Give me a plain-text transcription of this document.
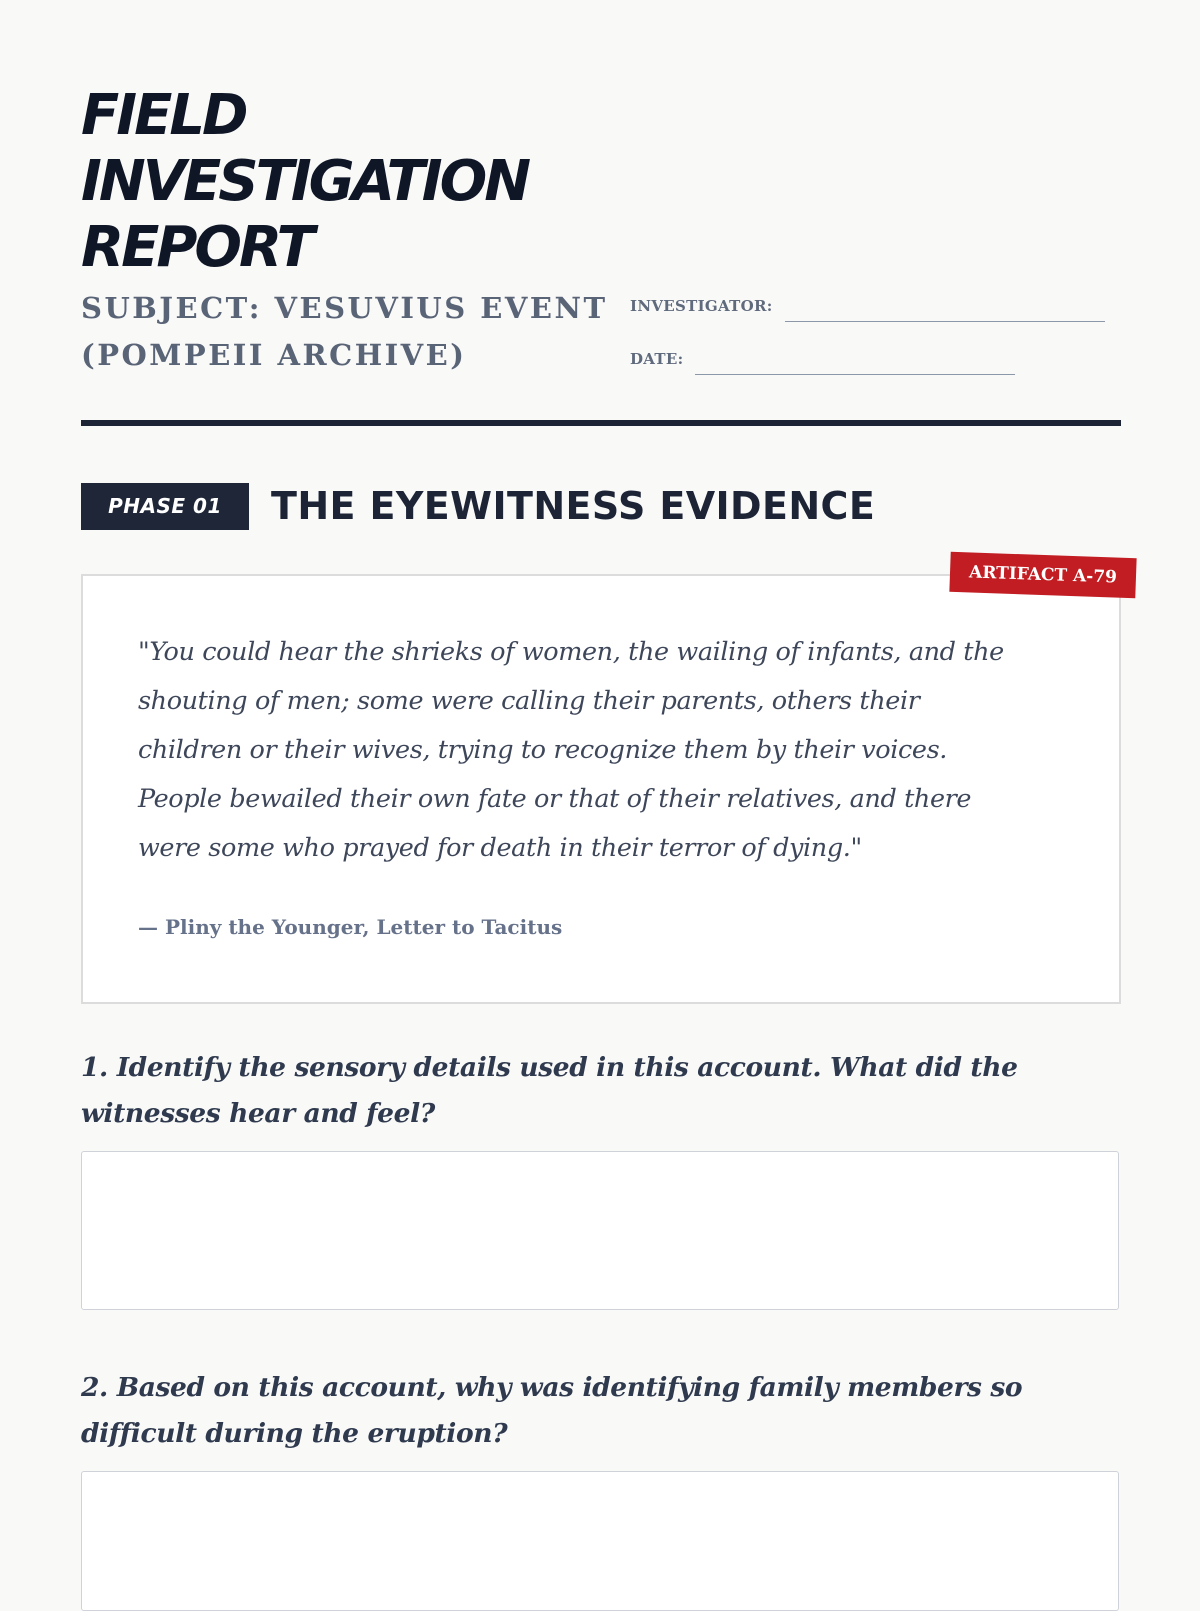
FIELD
INVESTIGATION
REPORT
SUBJECT: VESUVIUS EVENT
(POMPEII ARCHIVE)
INVESTIGATOR:
DATE:
PHASE 01	THE EYEWITNESS EVIDENCE
ARTIFACT A-79
"You could hear the shrieks of women, the wailing of infants, and the
shouting of men; some were calling their parents, others their
children or their wives, trying to recognize them by their voices.
People bewailed their own fate or that of their relatives, and there
were some who prayed for death in their terror of dying."
— Pliny the Younger, Letter to Tacitus
1. Identify the sensory details used in this account. What did the
witnesses hear and feel?
2. Based on this account, why was identifying family members so
difficult during the eruption?
